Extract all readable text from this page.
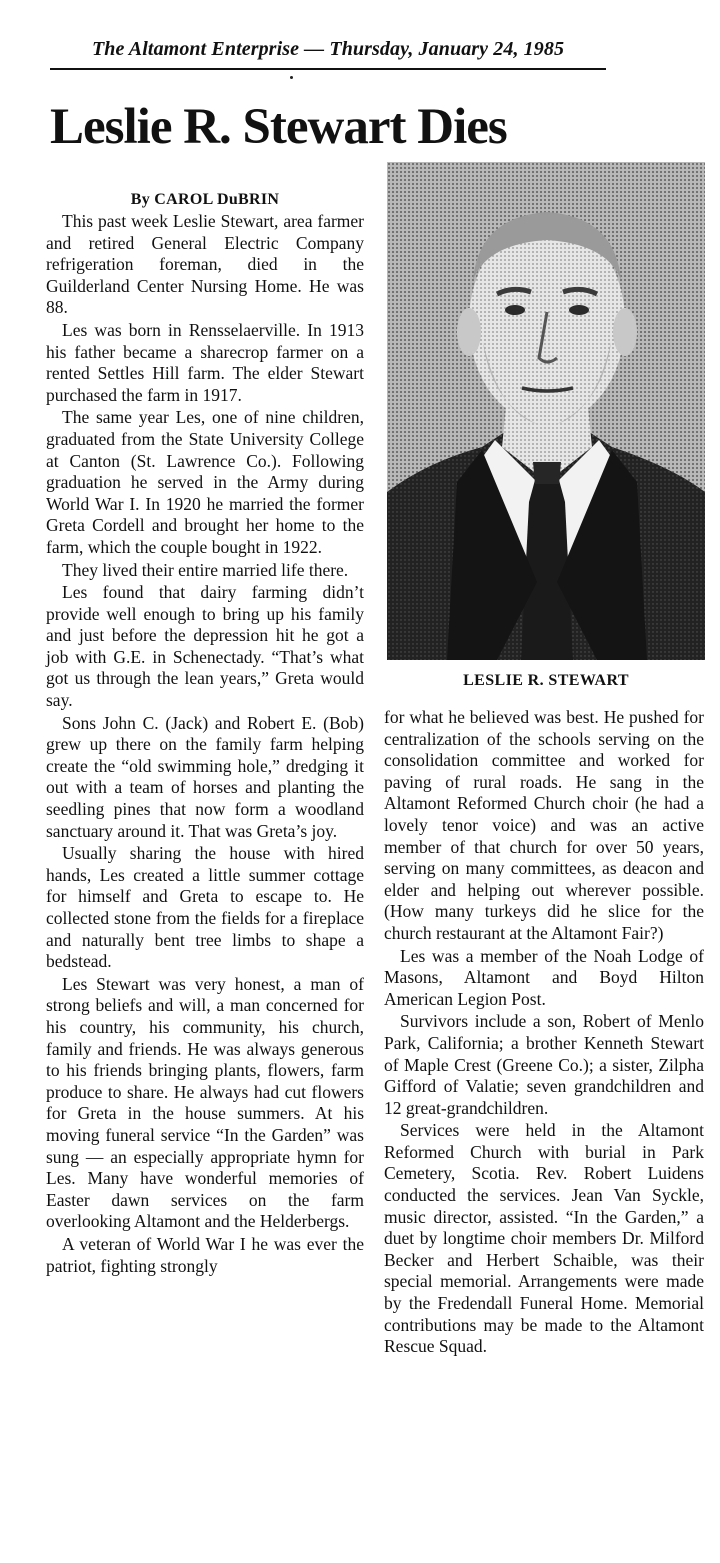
The Altamont Enterprise — Thursday, January 24, 1985
Leslie R. Stewart Dies
By CAROL DuBRIN

This past week Leslie Stewart, area farmer and retired General Electric Company refrigeration foreman, died in the Guilderland Center Nursing Home. He was 88.

Les was born in Rensselaerville. In 1913 his father became a sharecrop farmer on a rented Settles Hill farm. The elder Stewart purchased the farm in 1917.

The same year Les, one of nine children, graduated from the State University College at Canton (St. Lawrence Co.). Following graduation he served in the Army during World War I. In 1920 he married the former Greta Cordell and brought her home to the farm, which the couple bought in 1922.

They lived their entire married life there.

Les found that dairy farming didn’t provide well enough to bring up his family and just before the depression hit he got a job with G.E. in Schenectady. “That’s what got us through the lean years,” Greta would say.

Sons John C. (Jack) and Robert E. (Bob) grew up there on the family farm helping create the “old swimming hole,” dredging it out with a team of horses and planting the seedling pines that now form a woodland sanctuary around it. That was Greta’s joy.

Usually sharing the house with hired hands, Les created a little summer cottage for himself and Greta to escape to. He collected stone from the fields for a fireplace and naturally bent tree limbs to shape a bedstead.

Les Stewart was very honest, a man of strong beliefs and will, a man concerned for his country, his community, his church, family and friends. He was always generous to his friends bringing plants, flowers, farm produce to share. He always had cut flowers for Greta in the house summers. At his moving funeral service “In the Garden” was sung — an especially appropriate hymn for Les. Many have wonderful memories of Easter dawn services on the farm overlooking Altamont and the Helderbergs.

A veteran of World War I he was ever the patriot, fighting strongly

LESLIE R. STEWART

for what he believed was best. He pushed for centralization of the schools serving on the consolidation committee and worked for paving of rural roads. He sang in the Altamont Reformed Church choir (he had a lovely tenor voice) and was an active member of that church for over 50 years, serving on many committees, as deacon and elder and helping out wherever possible. (How many turkeys did he slice for the church restaurant at the Altamont Fair?)

Les was a member of the Noah Lodge of Masons, Altamont and Boyd Hilton American Legion Post.

Survivors include a son, Robert of Menlo Park, California; a brother Kenneth Stewart of Maple Crest (Greene Co.); a sister, Zilpha Gifford of Valatie; seven grandchildren and 12 great-grandchildren.

Services were held in the Altamont Reformed Church with burial in Park Cemetery, Scotia. Rev. Robert Luidens conducted the services. Jean Van Syckle, music director, assisted. “In the Garden,” a duet by longtime choir members Dr. Milford Becker and Herbert Schaible, was their special memorial. Arrangements were made by the Fredendall Funeral Home. Memorial contributions may be made to the Altamont Rescue Squad.
